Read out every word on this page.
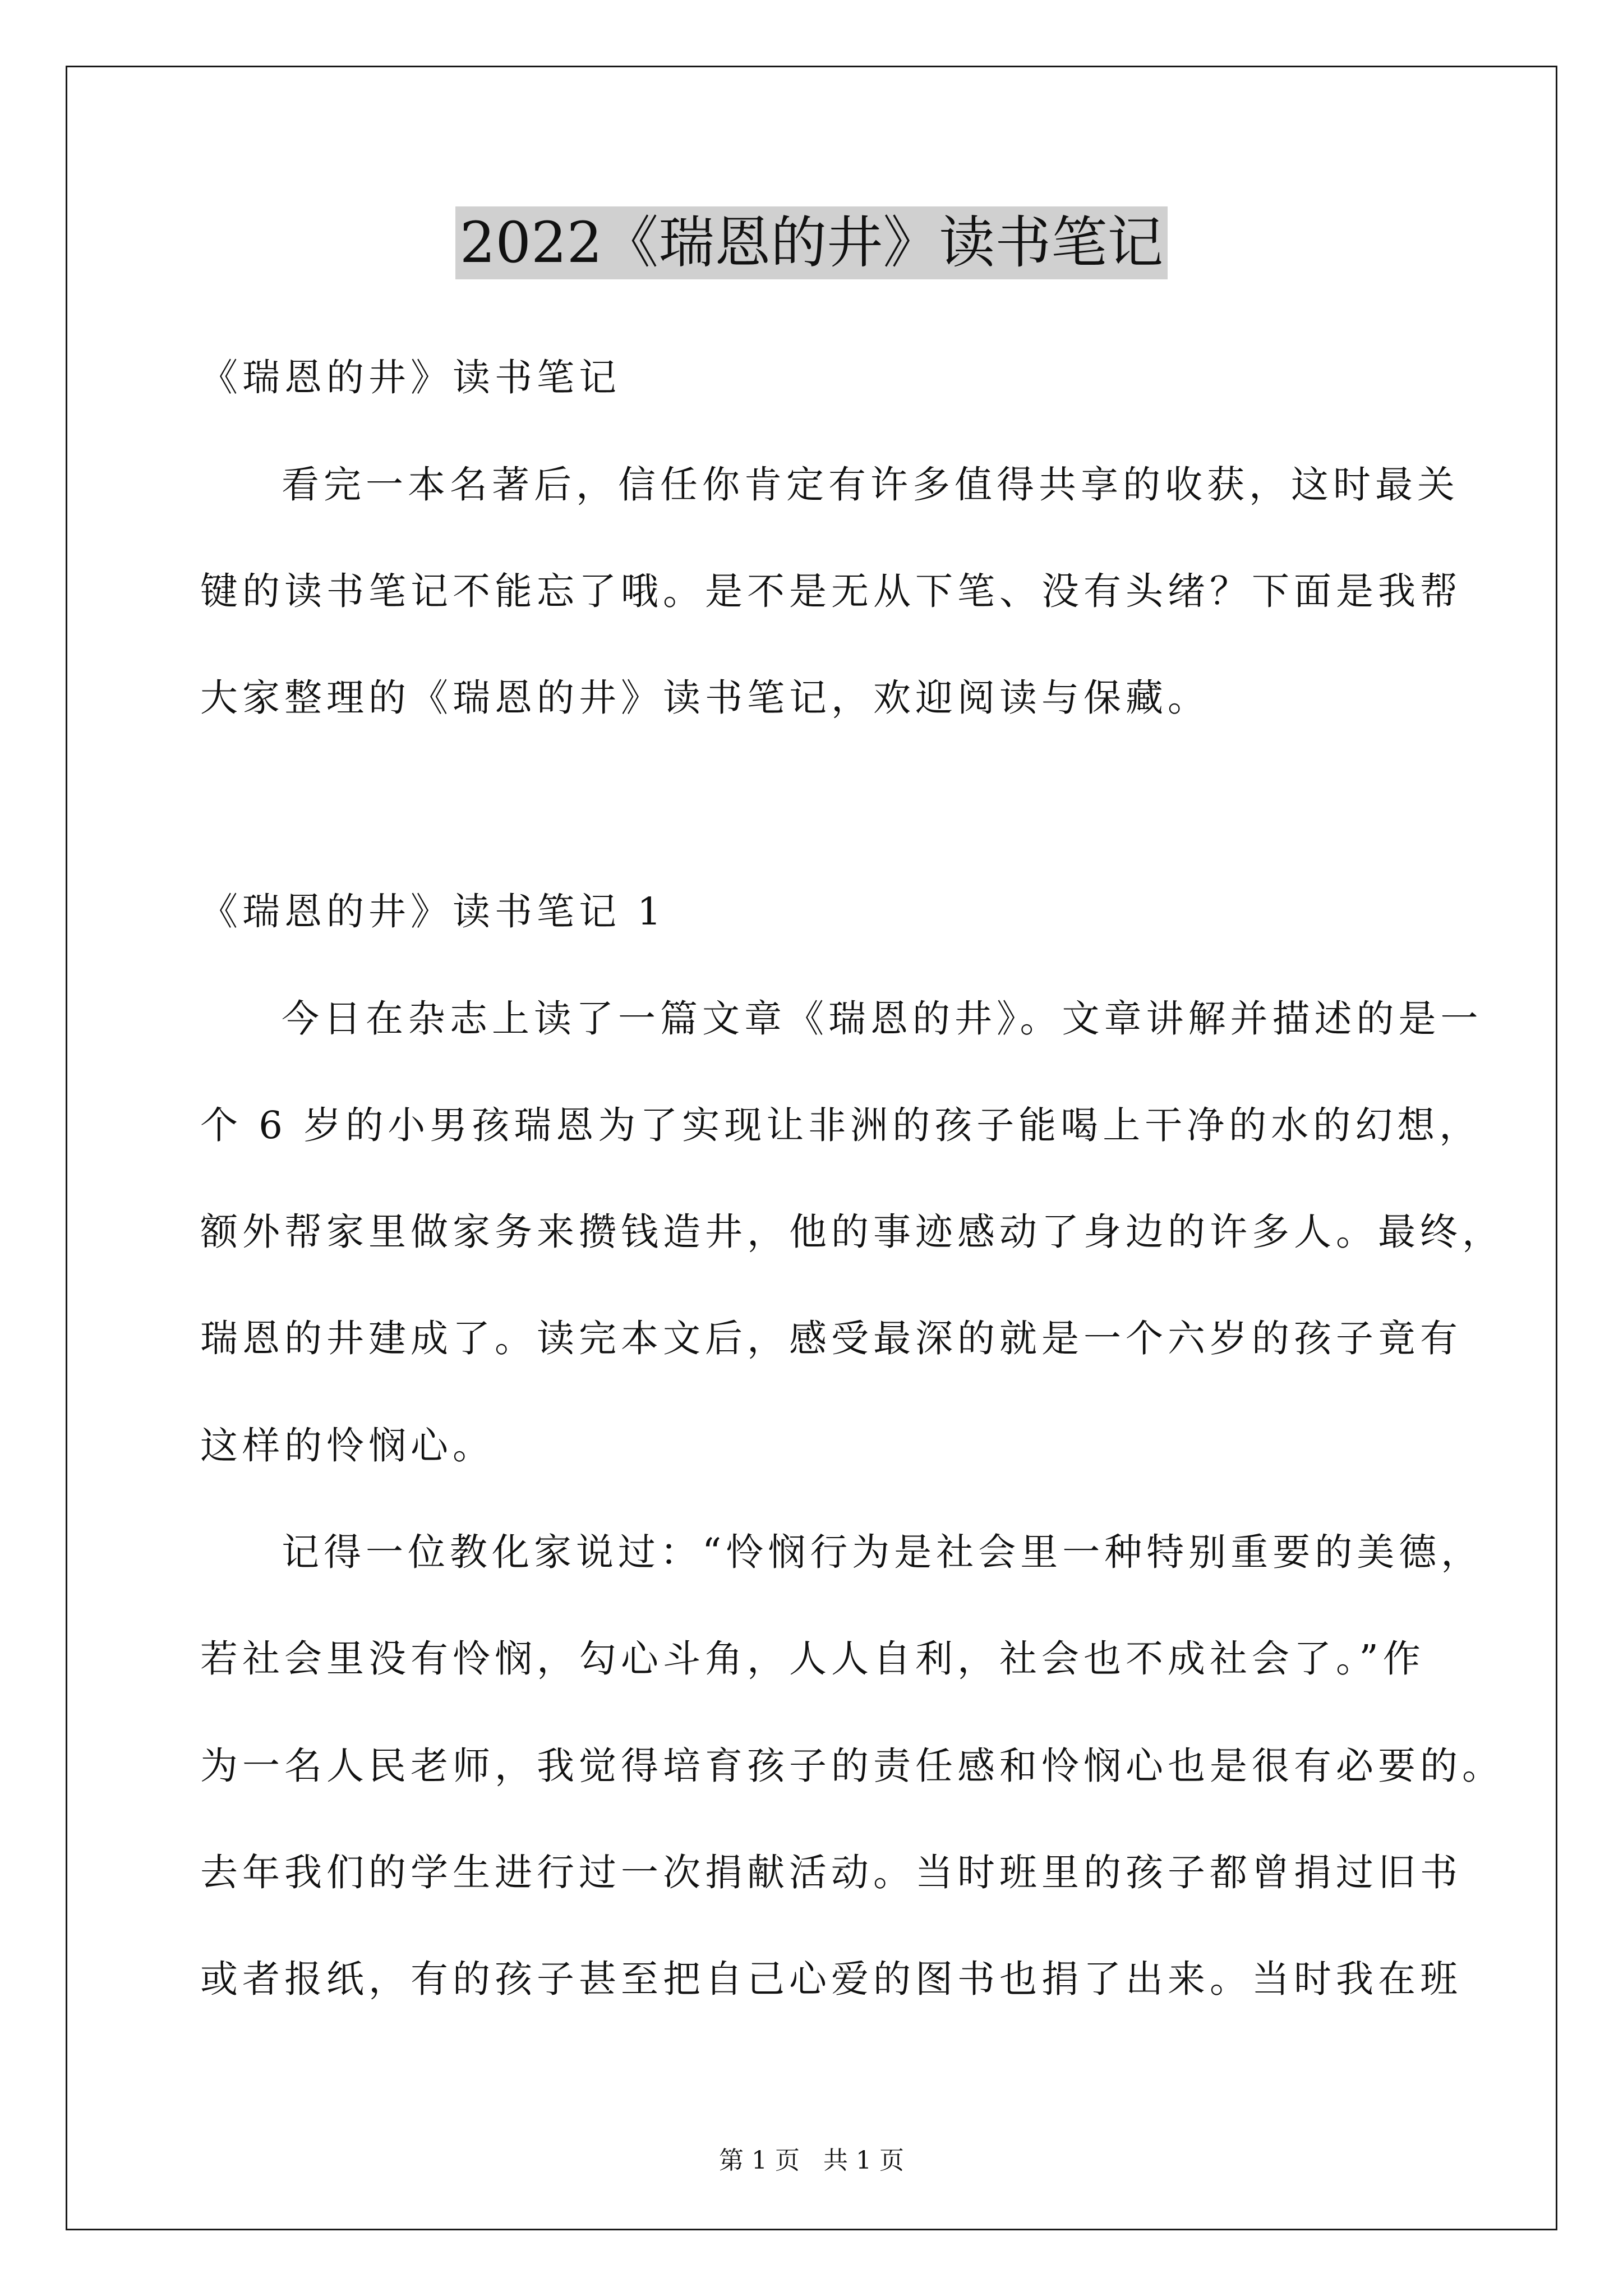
2022《瑞恩的井》读书笔记
《瑞恩的井》读书笔记
看完一本名著后，信任你肯定有许多值得共享的收获，这时最关
键的读书笔记不能忘了哦。是不是无从下笔、没有头绪？下面是我帮
大家整理的《瑞恩的井》读书笔记，欢迎阅读与保藏。
《瑞恩的井》读书笔记 1
今日在杂志上读了一篇文章《瑞恩的井》。文章讲解并描述的是一
个 6 岁的小男孩瑞恩为了实现让非洲的孩子能喝上干净的水的幻想，
额外帮家里做家务来攒钱造井，他的事迹感动了身边的许多人。最终，
瑞恩的井建成了。读完本文后，感受最深的就是一个六岁的孩子竟有
这样的怜悯心。
记得一位教化家说过：“怜悯行为是社会里一种特别重要的美德，
若社会里没有怜悯，勾心斗角，人人自利，社会也不成社会了。”作
为一名人民老师，我觉得培育孩子的责任感和怜悯心也是很有必要的。
去年我们的学生进行过一次捐献活动。当时班里的孩子都曾捐过旧书
或者报纸，有的孩子甚至把自己心爱的图书也捐了出来。当时我在班
第 1 页   共 1 页
